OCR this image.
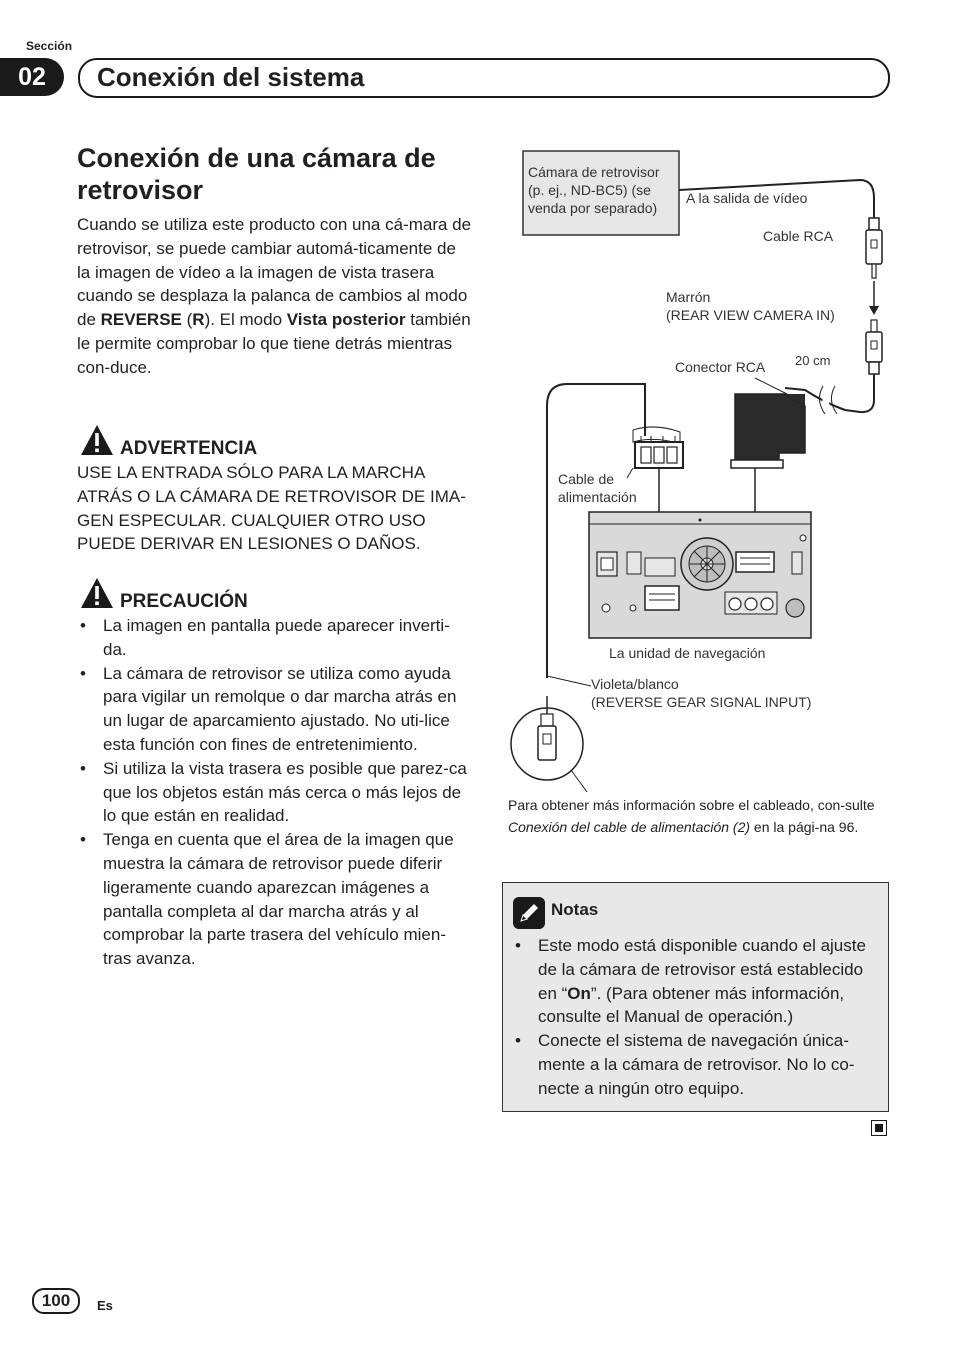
Sección
02	Conexión del sistema
Conexión de una cámara de retrovisor
Cuando se utiliza este producto con una cá-mara de retrovisor, se puede cambiar automá-ticamente de la imagen de vídeo a la imagen de vista trasera cuando se desplaza la palanca de cambios al modo de REVERSE (R). El modo Vista posterior también le permite comprobar lo que tiene detrás mientras con-duce.
ADVERTENCIA
USE LA ENTRADA SÓLO PARA LA MARCHA ATRÁS O LA CÁMARA DE RETROVISOR DE IMA-GEN ESPECULAR. CUALQUIER OTRO USO PUEDE DERIVAR EN LESIONES O DAÑOS.
PRECAUCIÓN
• La imagen en pantalla puede aparecer inverti-da.
• La cámara de retrovisor se utiliza como ayuda para vigilar un remolque o dar marcha atrás en un lugar de aparcamiento ajustado. No uti-lice esta función con fines de entretenimiento.
• Si utiliza la vista trasera es posible que parez-ca que los objetos están más cerca o más lejos de lo que están en realidad.
• Tenga en cuenta que el área de la imagen que muestra la cámara de retrovisor puede diferir ligeramente cuando aparezcan imágenes a pantalla completa al dar marcha atrás y al comprobar la parte trasera del vehículo mien-tras avanza.
Cámara de retrovisor
(p. ej., ND-BC5) (se
venda por separado)
A la salida de vídeo
Cable RCA
Marrón
(REAR VIEW CAMERA IN)
Conector RCA 20 cm
Cable de
alimentación
La unidad de navegación
Violeta/blanco
(REVERSE GEAR SIGNAL INPUT)
Para obtener más información sobre el cableado, con-sulte Conexión del cable de alimentación (2) en la pági-na 96.
Notas
• Este modo está disponible cuando el ajuste de la cámara de retrovisor está establecido en “On”. (Para obtener más información, consulte el Manual de operación.)
• Conecte el sistema de navegación única-mente a la cámara de retrovisor. No lo co-necte a ningún otro equipo.
100	Es
